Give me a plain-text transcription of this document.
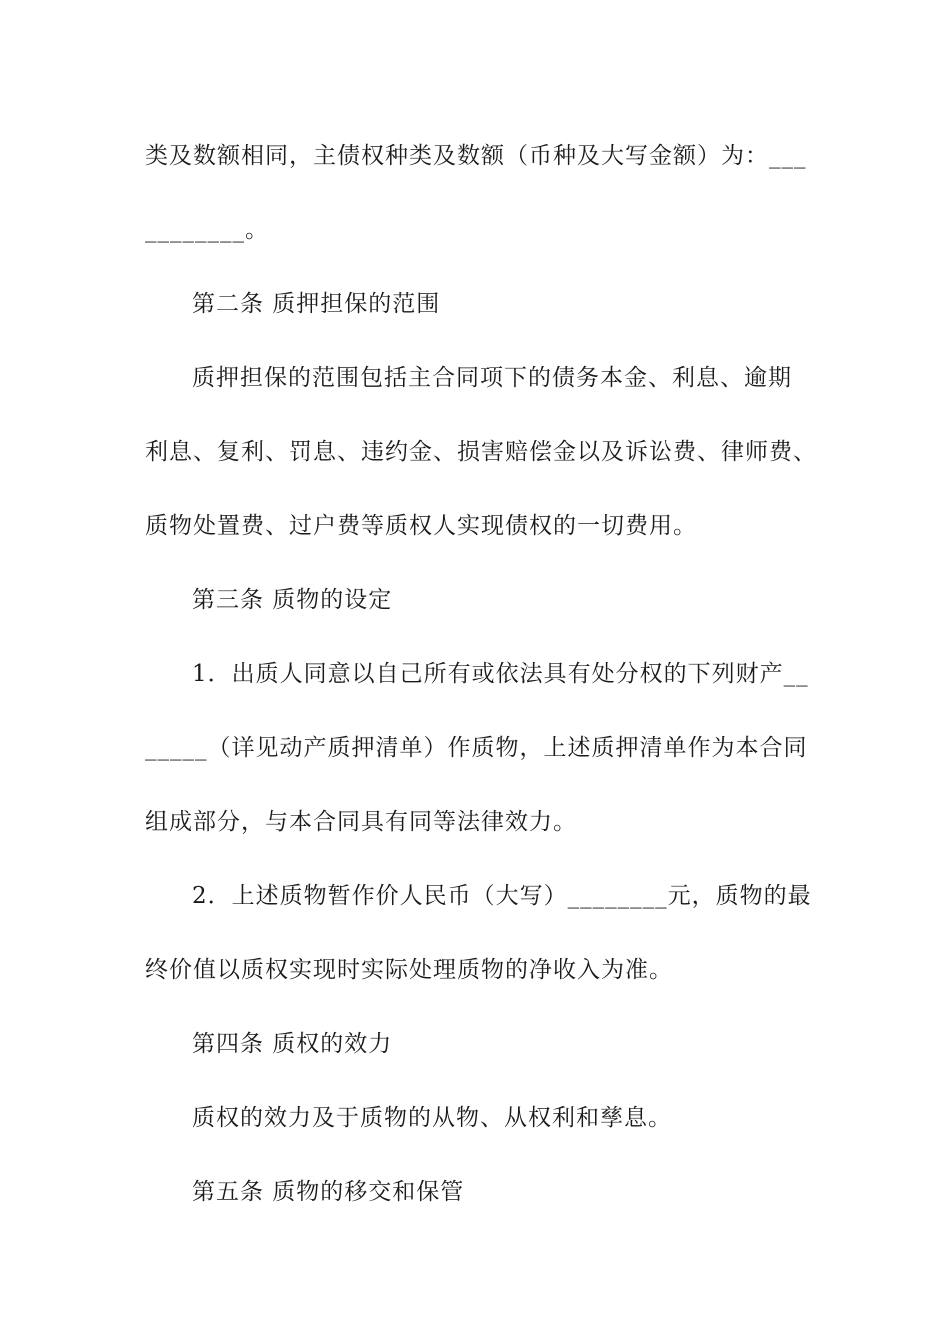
类及数额相同，主债权种类及数额（币种及大写金额）为：___
________。
第二条 质押担保的范围
质押担保的范围包括主合同项下的债务本金、利息、逾期
利息、复利、罚息、违约金、损害赔偿金以及诉讼费、律师费、
质物处置费、过户费等质权人实现债权的一切费用。
第三条 质物的设定
1．出质人同意以自己所有或依法具有处分权的下列财产__
_____（详见动产质押清单）作质物，上述质押清单作为本合同
组成部分，与本合同具有同等法律效力。
2．上述质物暂作价人民币（大写）________元，质物的最
终价值以质权实现时实际处理质物的净收入为准。
第四条 质权的效力
质权的效力及于质物的从物、从权利和孳息。
第五条 质物的移交和保管
